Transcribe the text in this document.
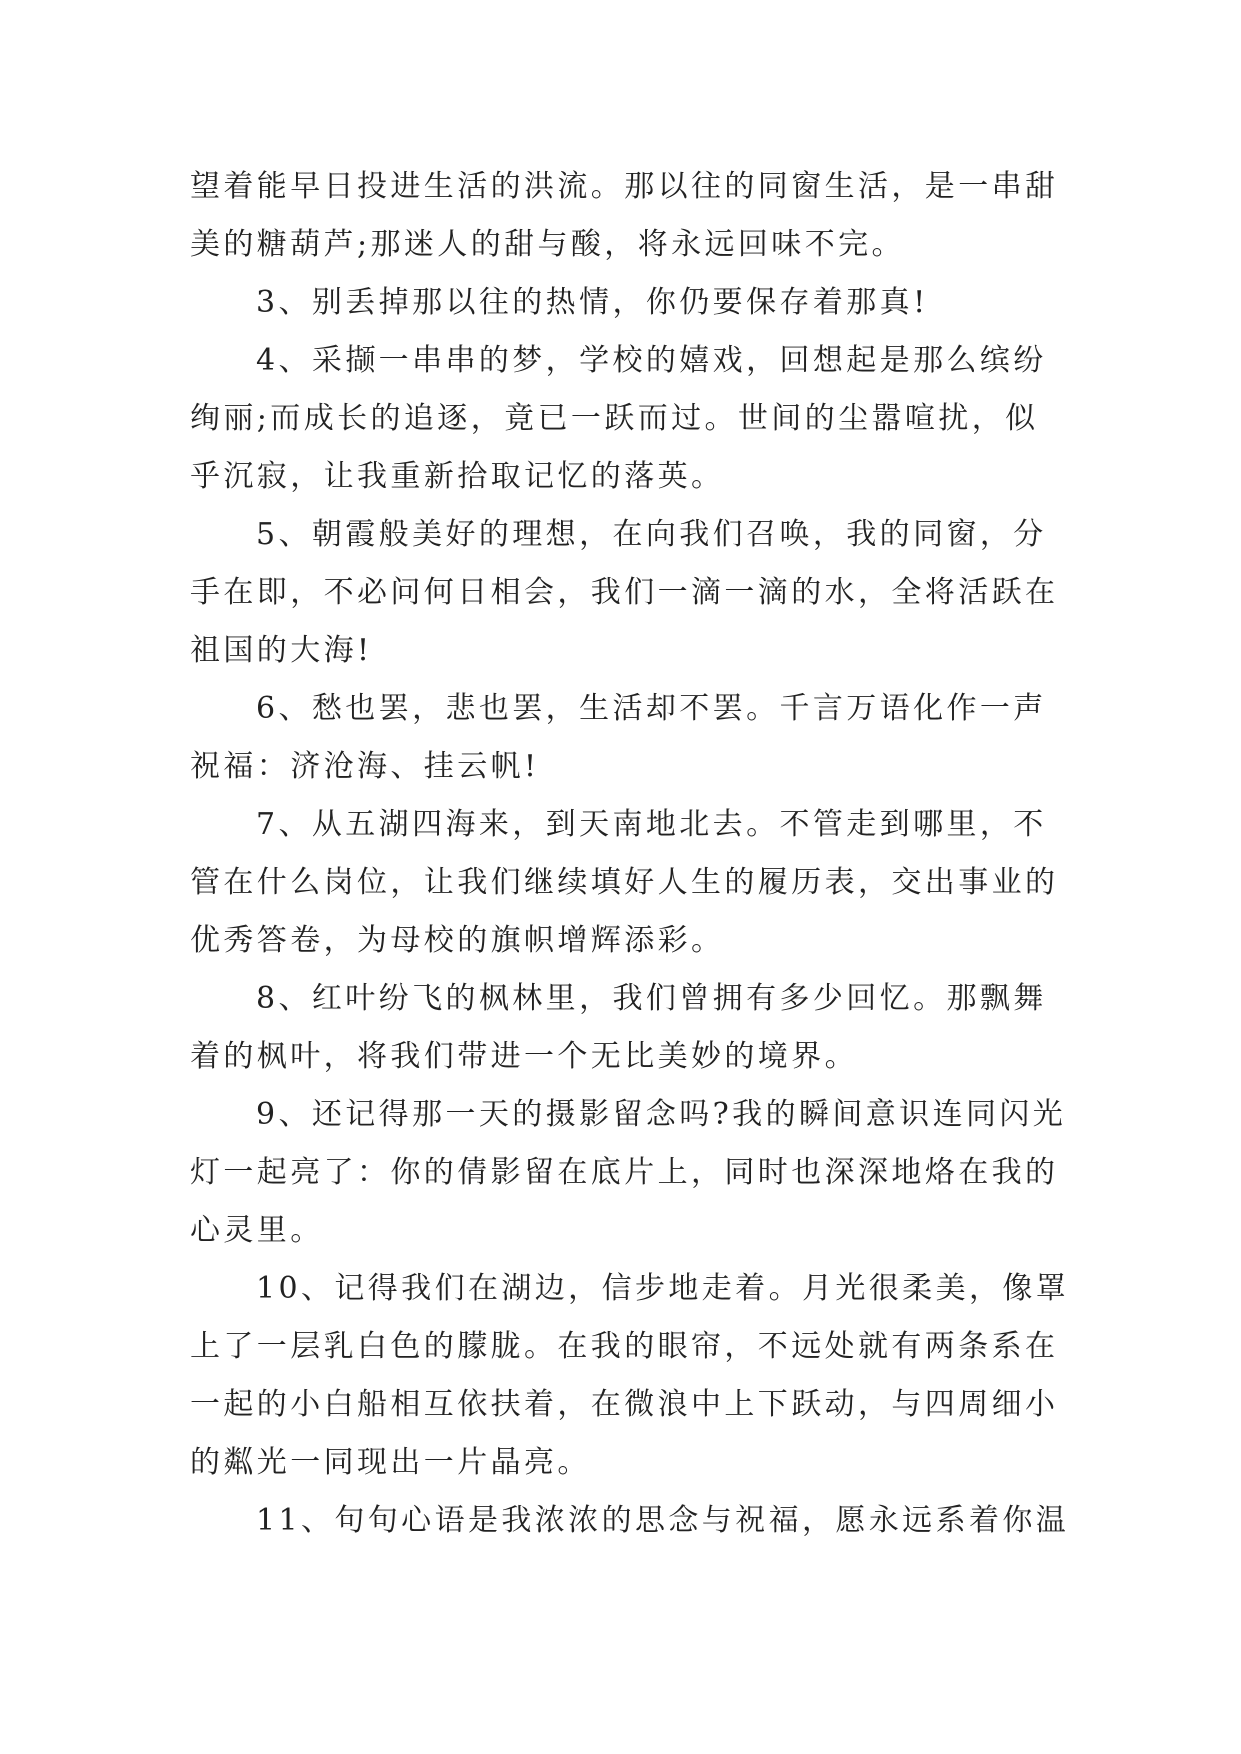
望着能早日投进生活的洪流。那以往的同窗生活，是一串甜
美的糖葫芦;那迷人的甜与酸，将永远回味不完。

3、别丢掉那以往的热情，你仍要保存着那真!

4、采撷一串串的梦，学校的嬉戏，回想起是那么缤纷
绚丽;而成长的追逐，竟已一跃而过。世间的尘嚣喧扰，似
乎沉寂，让我重新拾取记忆的落英。

5、朝霞般美好的理想，在向我们召唤，我的同窗，分
手在即，不必问何日相会，我们一滴一滴的水，全将活跃在
祖国的大海!

6、愁也罢，悲也罢，生活却不罢。千言万语化作一声
祝福：济沧海、挂云帆!

7、从五湖四海来，到天南地北去。不管走到哪里，不
管在什么岗位，让我们继续填好人生的履历表，交出事业的
优秀答卷，为母校的旗帜增辉添彩。

8、红叶纷飞的枫林里，我们曾拥有多少回忆。那飘舞
着的枫叶，将我们带进一个无比美妙的境界。

9、还记得那一天的摄影留念吗?我的瞬间意识连同闪光
灯一起亮了：你的倩影留在底片上，同时也深深地烙在我的
心灵里。

10、记得我们在湖边，信步地走着。月光很柔美，像罩
上了一层乳白色的朦胧。在我的眼帘，不远处就有两条系在
一起的小白船相互依扶着，在微浪中上下跃动，与四周细小
的粼光一同现出一片晶亮。

11、句句心语是我浓浓的思念与祝福，愿永远系着你温
